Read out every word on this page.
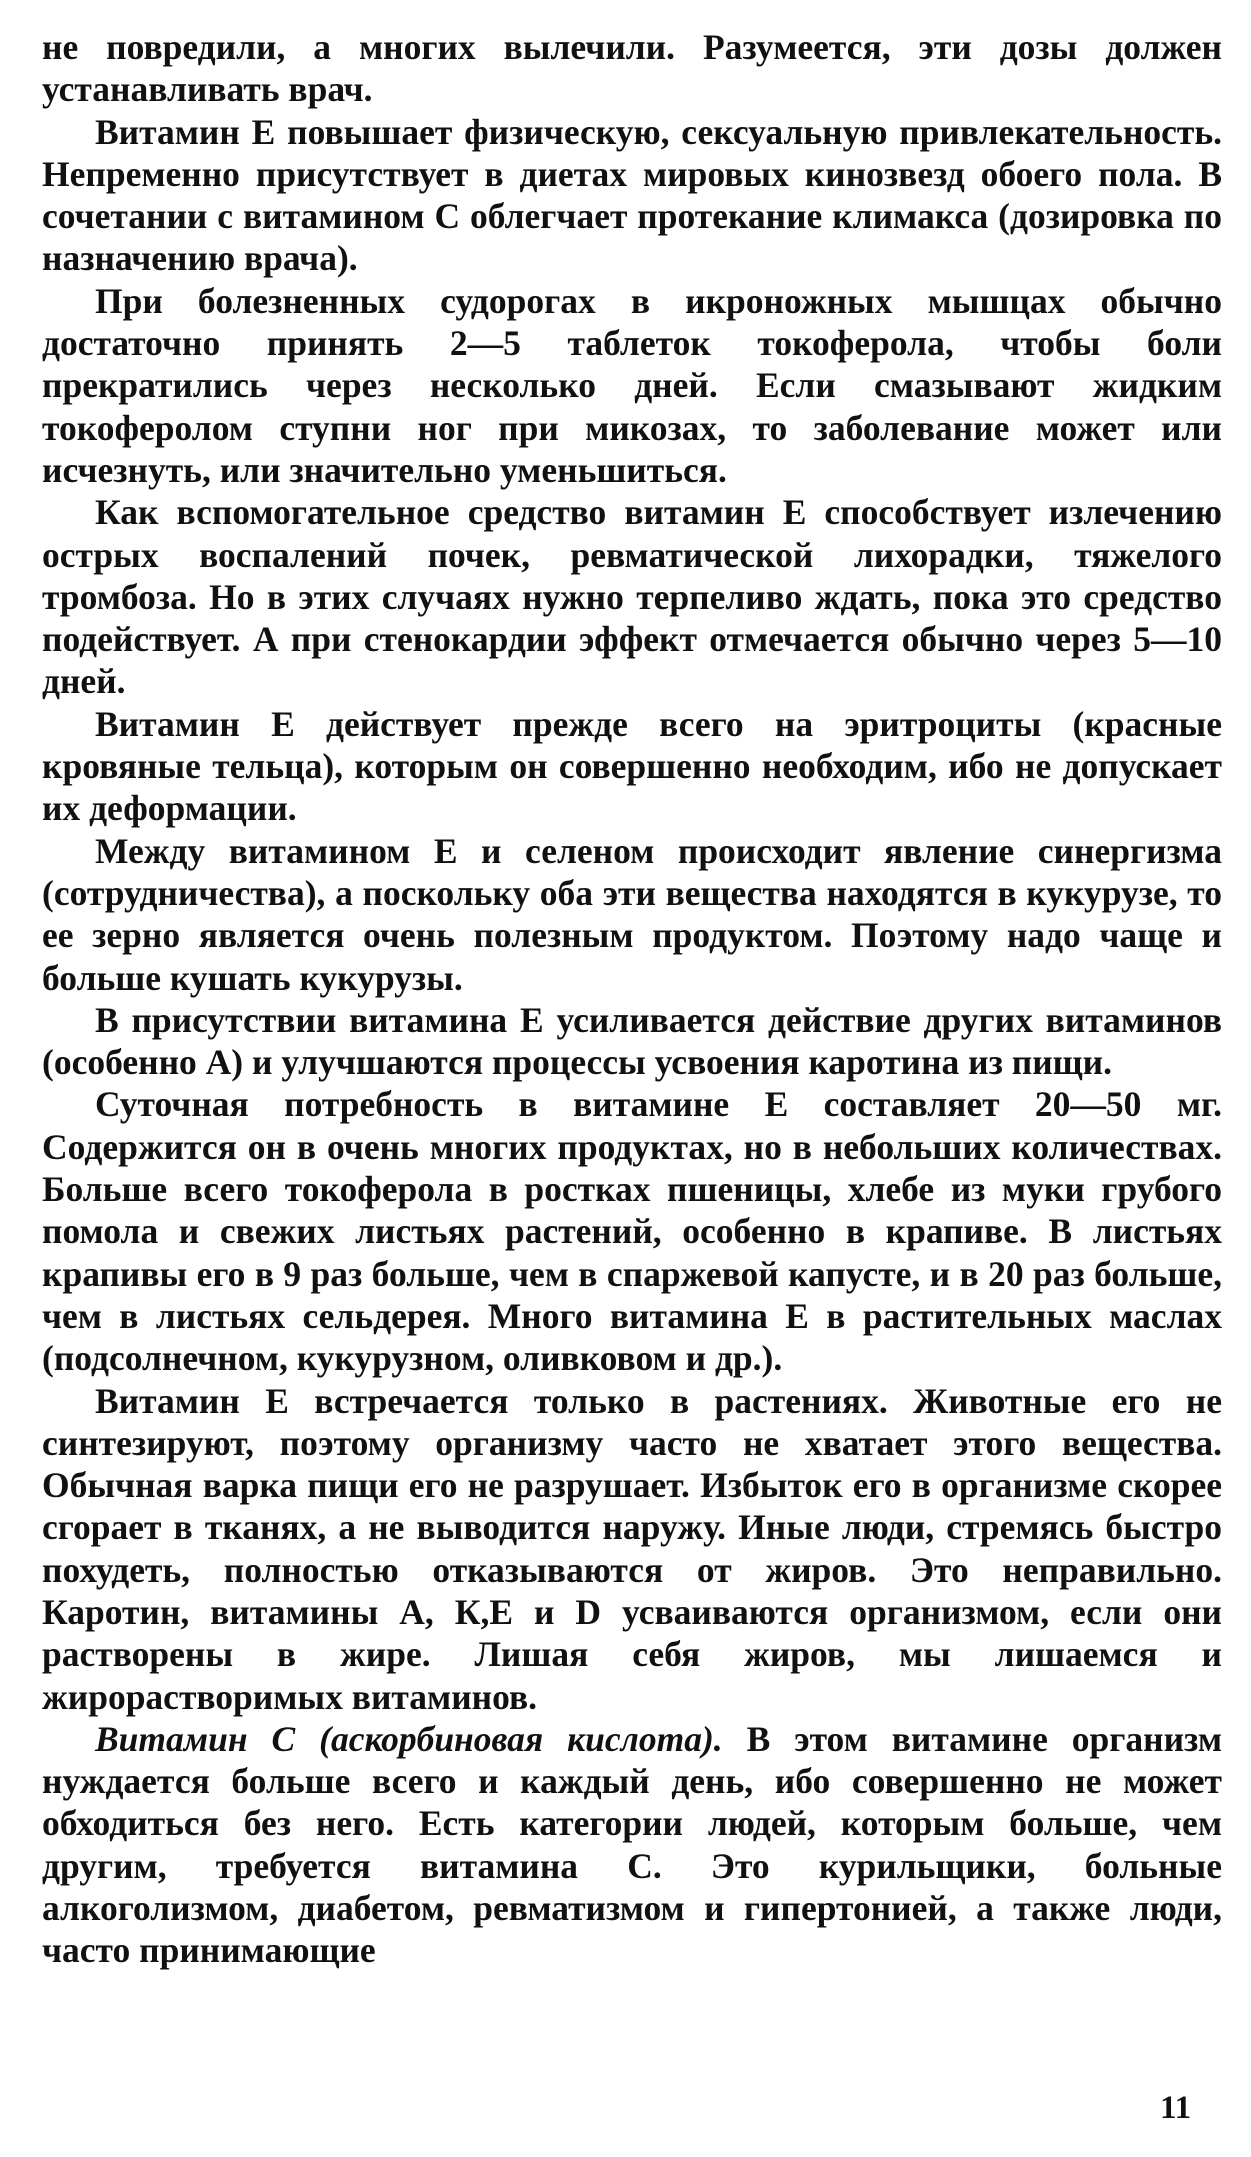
не повредили, а многих вылечили. Разумеется, эти дозы должен устанавливать врач.

Витамин Е повышает физическую, сексуальную привлекательность. Непременно присутствует в диетах мировых кинозвезд обоего пола. В сочетании с витамином С облегчает протекание климакса (дозировка по назначению врача).

При болезненных судорогах в икроножных мышцах обычно достаточно принять 2—5 таблеток токоферола, чтобы боли прекратились через несколько дней. Если смазывают жидким токоферолом ступни ног при микозах, то заболевание может или исчезнуть, или значительно уменьшиться.

Как вспомогательное средство витамин Е способствует излечению острых воспалений почек, ревматической лихорадки, тяжелого тромбоза. Но в этих случаях нужно терпеливо ждать, пока это средство подействует. А при стенокардии эффект отмечается обычно через 5—10 дней.

Витамин Е действует прежде всего на эритроциты (красные кровяные тельца), которым он совершенно необходим, ибо не допускает их деформации.

Между витамином Е и селеном происходит явление синергизма (сотрудничества), а поскольку оба эти вещества находятся в кукурузе, то ее зерно является очень полезным продуктом. Поэтому надо чаще и больше кушать кукурузы.

В присутствии витамина Е усиливается действие других витаминов (особенно А) и улучшаются процессы усвоения каротина из пищи.

Суточная потребность в витамине Е составляет 20—50 мг. Содержится он в очень многих продуктах, но в небольших количествах. Больше всего токоферола в ростках пшеницы, хлебе из муки грубого помола и свежих листьях растений, особенно в крапиве. В листьях крапивы его в 9 раз больше, чем в спаржевой капусте, и в 20 раз больше, чем в листьях сельдерея. Много витамина Е в растительных маслах (подсолнечном, кукурузном, оливковом и др.).

Витамин Е встречается только в растениях. Животные его не синтезируют, поэтому организму часто не хватает этого вещества. Обычная варка пищи его не разрушает. Избыток его в организме скорее сгорает в тканях, а не выводится наружу. Иные люди, стремясь быстро похудеть, полностью отказываются от жиров. Это неправильно. Каротин, витамины А, К,Е и D усваиваются организмом, если они растворены в жире. Лишая себя жиров, мы лишаемся и жирорастворимых витаминов.

Витамин С (аскорбиновая кислота). В этом витамине организм нуждается больше всего и каждый день, ибо совершенно не может обходиться без него. Есть категории людей, которым больше, чем другим, требуется витамина С. Это курильщики, больные алкоголизмом, диабетом, ревматизмом и гипертонией, а также люди, часто принимающие

11
